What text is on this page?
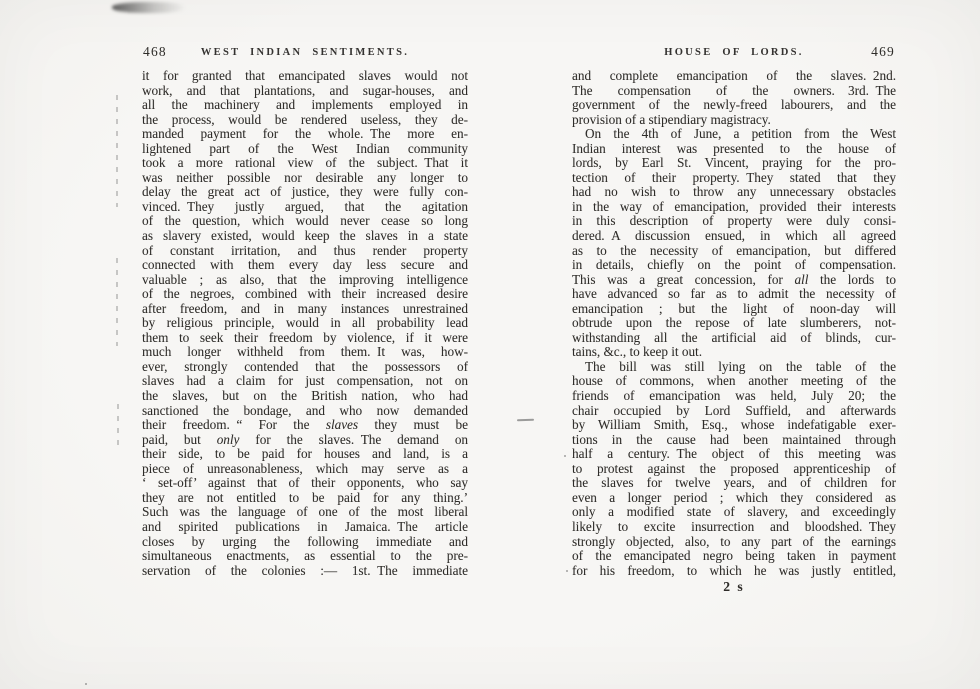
468	WEST INDIAN SENTIMENTS.
it for granted that emancipated slaves would not
work, and that plantations, and sugar-houses, and
all the machinery and implements employed in
the process, would be rendered useless, they de-
manded payment for the whole. The more en-
lightened part of the West Indian community
took a more rational view of the subject. That it
was neither possible nor desirable any longer to
delay the great act of justice, they were fully con-
vinced. They justly argued, that the agitation
of the question, which would never cease so long
as slavery existed, would keep the slaves in a state
of constant irritation, and thus render property
connected with them every day less secure and
valuable ; as also, that the improving intelligence
of the negroes, combined with their increased desire
after freedom, and in many instances unrestrained
by religious principle, would in all probability lead
them to seek their freedom by violence, if it were
much longer withheld from them. It was, how-
ever, strongly contended that the possessors of
slaves had a claim for just compensation, not on
the slaves, but on the British nation, who had
sanctioned the bondage, and who now demanded
their freedom. “ For the slaves they must be
paid, but only for the slaves. The demand on
their side, to be paid for houses and land, is a
piece of unreasonableness, which may serve as a
‘ set-off’ against that of their opponents, who say
they are not entitled to be paid for any thing.’
Such was the language of one of the most liberal
and spirited publications in Jamaica. The article
closes by urging the following immediate and
simultaneous enactments, as essential to the pre-
servation of the colonies :— 1st. The immediate
469
HOUSE OF LORDS.
and complete emancipation of the slaves. 2nd.
The compensation of the owners.  3rd. The
government of the newly-freed labourers, and the
provision of a stipendiary magistracy.
On the 4th of June, a petition from the West
Indian interest was presented to the house of
lords, by Earl St. Vincent, praying for the pro-
tection of their property. They stated that they
had no wish to throw any unnecessary obstacles
in the way of emancipation, provided their interests
in this description of property were duly consi-
dered. A discussion ensued, in which all agreed
as to the necessity of emancipation, but differed
in details, chiefly on the point of compensation.
This was a great concession, for all the lords to
have advanced so far as to admit the necessity of
emancipation ; but the light of noon-day will
obtrude upon the repose of late slumberers, not-
withstanding all the artificial aid of blinds, cur-
tains, &c., to keep it out.
The bill was still lying on the table of the
house of commons, when another meeting of the
friends of emancipation was held, July 20; the
chair occupied by Lord Suffield, and afterwards
by William Smith, Esq., whose indefatigable exer-
tions in the cause had been maintained through
half a century. The object of this meeting was
to protest against the proposed apprenticeship of
the slaves for twelve years, and of children for
even a longer period ; which they considered as
only a modified state of slavery, and exceedingly
likely to excite insurrection and bloodshed. They
strongly objected, also, to any part of the earnings
of the emancipated negro being taken in payment
for his freedom, to which he was justly entitled,
2 s
